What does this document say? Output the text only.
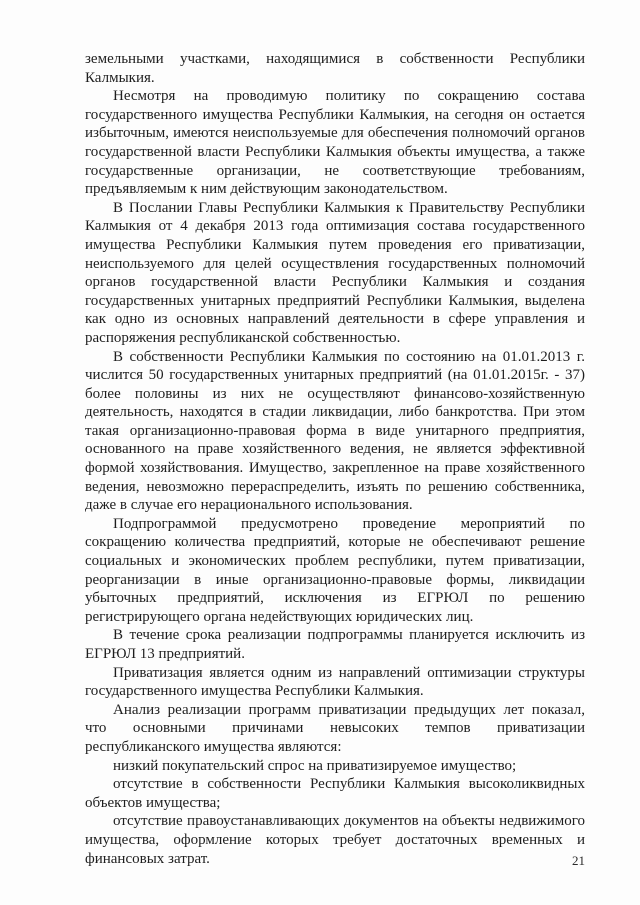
земельными участками, находящимися в собственности Республики Калмыкия.

Несмотря на проводимую политику по сокращению состава государственного имущества Республики Калмыкия, на сегодня он остается избыточным, имеются неиспользуемые для обеспечения полномочий органов государственной власти Республики Калмыкия объекты имущества, а также государственные организации, не соответствующие требованиям, предъявляемым к ним действующим законодательством.

В Послании Главы Республики Калмыкия к Правительству Республики Калмыкия от 4 декабря 2013 года оптимизация состава государственного имущества Республики Калмыкия путем проведения его приватизации, неиспользуемого для целей осуществления государственных полномочий органов государственной власти Республики Калмыкия и создания государственных унитарных предприятий Республики Калмыкия, выделена как одно из основных направлений деятельности в сфере управления и распоряжения республиканской собственностью.

В собственности Республики Калмыкия по состоянию на 01.01.2013 г. числится 50 государственных унитарных предприятий (на 01.01.2015г. - 37) более половины из них не осуществляют финансово-хозяйственную деятельность, находятся в стадии ликвидации, либо банкротства. При этом такая организационно-правовая форма в виде унитарного предприятия, основанного на праве хозяйственного ведения, не является эффективной формой хозяйствования. Имущество, закрепленное на праве хозяйственного ведения, невозможно перераспределить, изъять по решению собственника, даже в случае его нерационального использования.

Подпрограммой предусмотрено проведение мероприятий по сокращению количества предприятий, которые не обеспечивают решение социальных и экономических проблем республики, путем приватизации, реорганизации в иные организационно-правовые формы, ликвидации убыточных предприятий, исключения из ЕГРЮЛ по решению регистрирующего органа недействующих юридических лиц.

В течение срока реализации подпрограммы планируется исключить из ЕГРЮЛ 13 предприятий.

Приватизация является одним из направлений оптимизации структуры государственного имущества Республики Калмыкия.

Анализ реализации программ приватизации предыдущих лет показал, что основными причинами невысоких темпов приватизации республиканского имущества являются:

низкий покупательский спрос на приватизируемое имущество;

отсутствие в собственности Республики Калмыкия высоколиквидных объектов имущества;

отсутствие правоустанавливающих документов на объекты недвижимого имущества, оформление которых требует достаточных временных и финансовых затрат.	21
